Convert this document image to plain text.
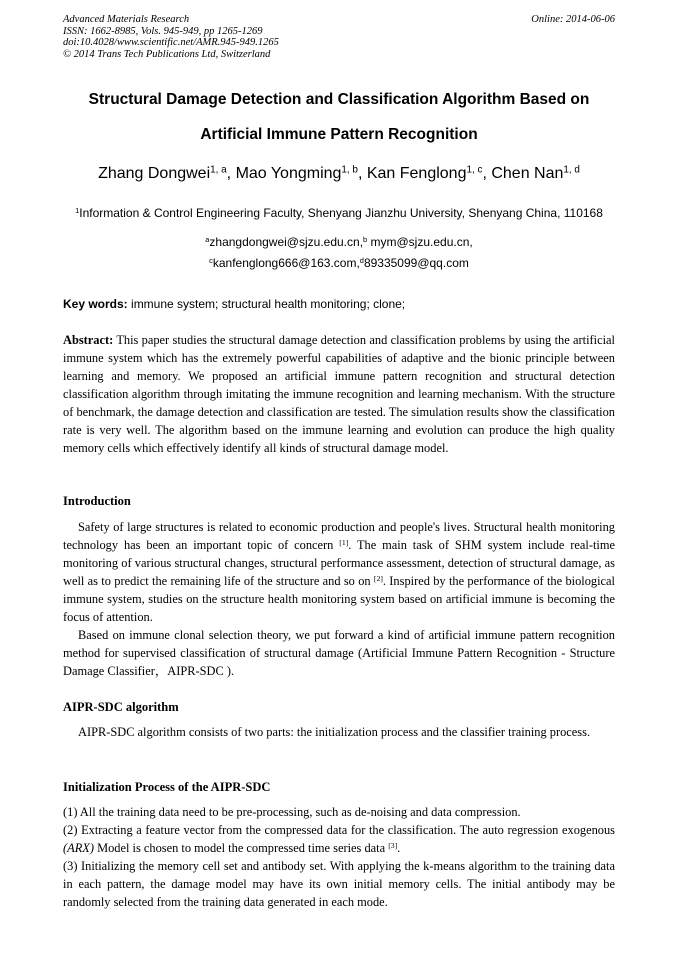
Advanced Materials Research
ISSN: 1662-8985, Vols. 945-949, pp 1265-1269
doi:10.4028/www.scientific.net/AMR.945-949.1265
© 2014 Trans Tech Publications Ltd, Switzerland
Online: 2014-06-06
Structural Damage Detection and Classification Algorithm Based on
Artificial Immune Pattern Recognition
Zhang Dongwei$^{1, a}$, Mao Yongming$^{1, b}$, Kan Fenglong$^{1, c}$, Chen Nan$^{1, d}$
$^1$Information & Control Engineering Faculty, Shenyang Jianzhu University, Shenyang China, 110168
$^a$zhangdongwei@sjzu.edu.cn,$^b$ mym@sjzu.edu.cn,
$^c$kanfenglong666@163.com,$^d$89335099@qq.com
Key words: immune system; structural health monitoring; clone;
Abstract: This paper studies the structural damage detection and classification problems by using the artificial immune system which has the extremely powerful capabilities of adaptive and the bionic principle between learning and memory. We proposed an artificial immune pattern recognition and structural detection classification algorithm through imitating the immune recognition and learning mechanism. With the structure of benchmark, the damage detection and classification are tested. The simulation results show the classification rate is very well. The algorithm based on the immune learning and evolution can produce the high quality memory cells which effectively identify all kinds of structural damage model.
Introduction
Safety of large structures is related to economic production and people's lives. Structural health monitoring technology has been an important topic of concern [1]. The main task of SHM system include real-time monitoring of various structural changes, structural performance assessment, detection of structural damage, as well as to predict the remaining life of the structure and so on [2]. Inspired by the performance of the biological immune system, studies on the structure health monitoring system based on artificial immune is becoming the focus of attention.
Based on immune clonal selection theory, we put forward a kind of artificial immune pattern recognition method for supervised classification of structural damage (Artificial Immune Pattern Recognition - Structure Damage Classifier，AIPR-SDC ).
AIPR-SDC algorithm
AIPR-SDC algorithm consists of two parts: the initialization process and the classifier training process.
Initialization Process of the AIPR-SDC
(1) All the training data need to be pre-processing, such as de-noising and data compression.
(2) Extracting a feature vector from the compressed data for the classification. The auto regression exogenous (ARX) Model is chosen to model the compressed time series data [3].
(3) Initializing the memory cell set and antibody set. With applying the k-means algorithm to the training data in each pattern, the damage model may have its own initial memory cells. The initial antibody may be randomly selected from the training data generated in each mode.
